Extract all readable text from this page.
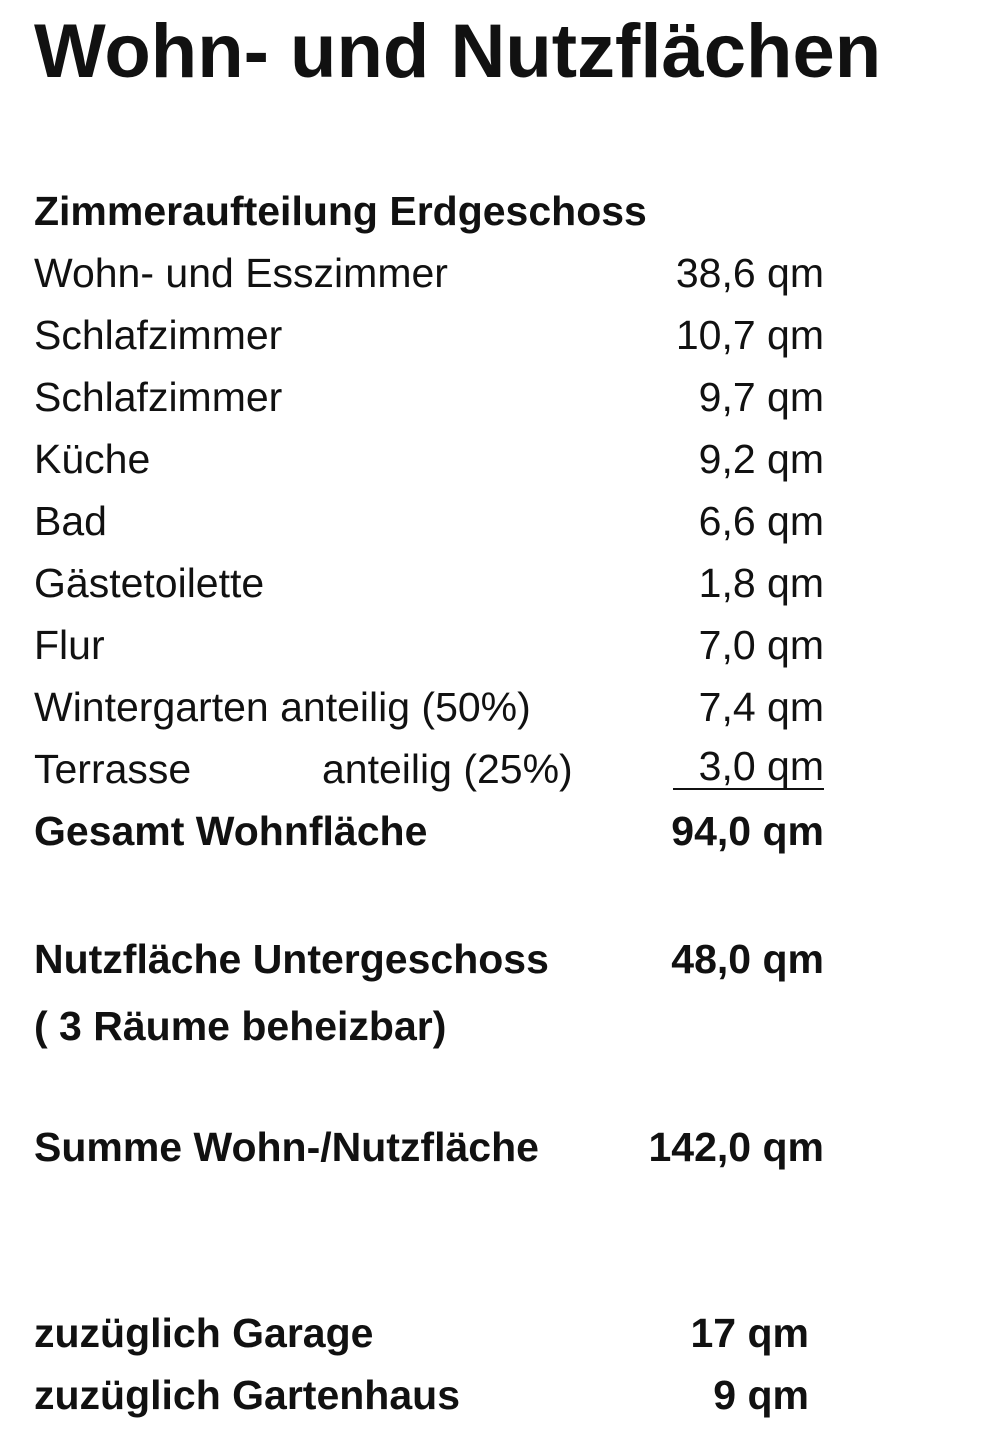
Wohn- und Nutzflächen
Zimmeraufteilung Erdgeschoss
Wohn- und Esszimmer	38,6 qm
Schlafzimmer	10,7 qm
Schlafzimmer	9,7 qm
Küche	9,2 qm
Bad	6,6 qm
Gästetoilette	1,8 qm
Flur	7,0 qm
Wintergarten anteilig (50%)	7,4 qm
Terrasse	anteilig (25%)	3,0 qm
Gesamt Wohnfläche	94,0 qm
Nutzfläche Untergeschoss	48,0 qm
( 3 Räume beheizbar)
Summe Wohn-/Nutzfläche	142,0 qm
zuzüglich Garage	17 qm
zuzüglich Gartenhaus	9 qm
